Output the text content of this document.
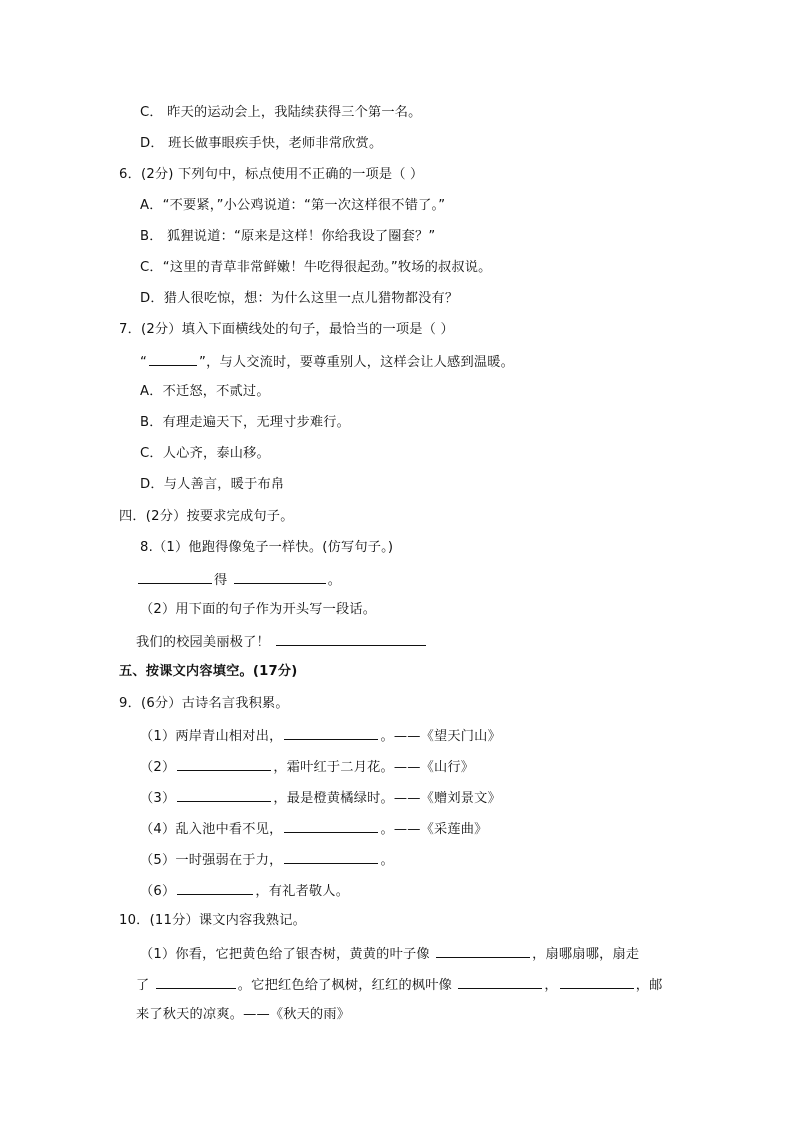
C． 昨天的运动会上，我陆续获得三个第一名。
D． 班长做事眼疾手快，老师非常欣赏。
6．(2分) 下列句中，标点使用不正确的一项是（ ）
A．“不要紧，”小公鸡说道：“第一次这样很不错了。”
B． 狐狸说道：“原来是这样！你给我设了圈套？”
C．“这里的青草非常鲜嫩！牛吃得很起劲。”牧场的叔叔说。
D．猎人很吃惊，想：为什么这里一点儿猎物都没有？
7．(2分）填入下面横线处的句子，最恰当的一项是（ ）
“	”，与人交流时，要尊重别人，这样会让人感到温暖。
A．不迁怒，不贰过。
B．有理走遍天下，无理寸步难行。
C．人心齐，泰山移。
D．与人善言，暖于布帛
四．(2分）按要求完成句子。
8.（1）他跑得像兔子一样快。(仿写句子。)
得	。
（2）用下面的句子作为开头写一段话。
我们的校园美丽极了！
五、按课文内容填空。(17分)
9．(6分）古诗名言我积累。
（1）两岸青山相对出，	。——《望天门山》
（2）	，霜叶红于二月花。——《山行》
（3）	，最是橙黄橘绿时。——《赠刘景文》
（4）乱入池中看不见，	。——《采莲曲》
（5）一时强弱在于力，	。
（6）	，有礼者敬人。
10．(11分）课文内容我熟记。
（1）你看，它把黄色给了银杏树，黄黄的叶子像	，扇哪扇哪，扇走
了	。它把红色给了枫树，红红的枫叶像	，	，邮
来了秋天的凉爽。——《秋天的雨》
